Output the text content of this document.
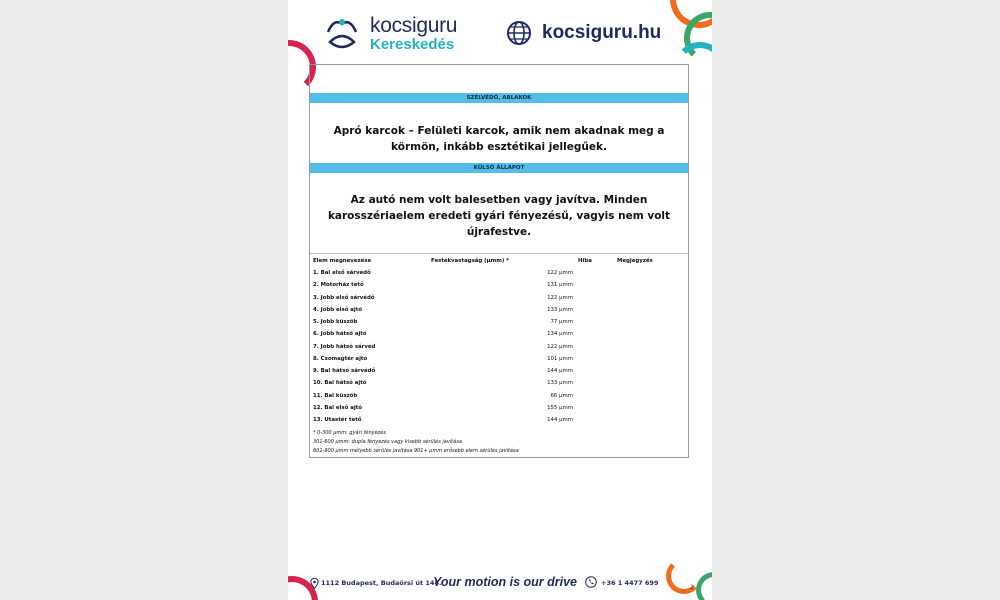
kocsiguru
Kereskedés
kocsiguru.hu
SZÉLVÉDŐ, ABLAKOK
Apró karcok – Felületi karcok, amik nem akadnak meg a körmön, inkább esztétikai jellegűek.
KÜLSŐ ÁLLAPOT
Az autó nem volt balesetben vagy javítva. Minden karosszériaelem eredeti gyári fényezésű, vagyis nem volt újrafestve.
Elem megnevezése	Festékvastagság (µmm) *	Hiba	Megjegyzés
1. Bal első sárvédő	122 µmm
2. Motorház tető	131 µmm
3. Jobb első sárvédő	122 µmm
4. Jobb első ajtó	133 µmm
5. Jobb küszöb	77 µmm
6. Jobb hátsó ajtó	134 µmm
7. Jobb hátsó sárvéd	122 µmm
8. Csomagtér ajtó	101 µmm
9. Bal hátsó sárvédő	144 µmm
10. Bal hátsó ajtó	133 µmm
11. Bal küszöb	66 µmm
12. Bal első ajtó	155 µmm
13. Utastér tető	144 µmm
* 0-300 µmm: gyári fényezés
301-600 µmm: dupla fényezés vagy kisebb sérülés javítása
601-900 µmm mélyebb sérülés javítása 901+ µmm erősebb elem sérülés javítása
1112 Budapest, Budaörsi út 148.
Your motion is our drive	+36 1 4477 699
2
